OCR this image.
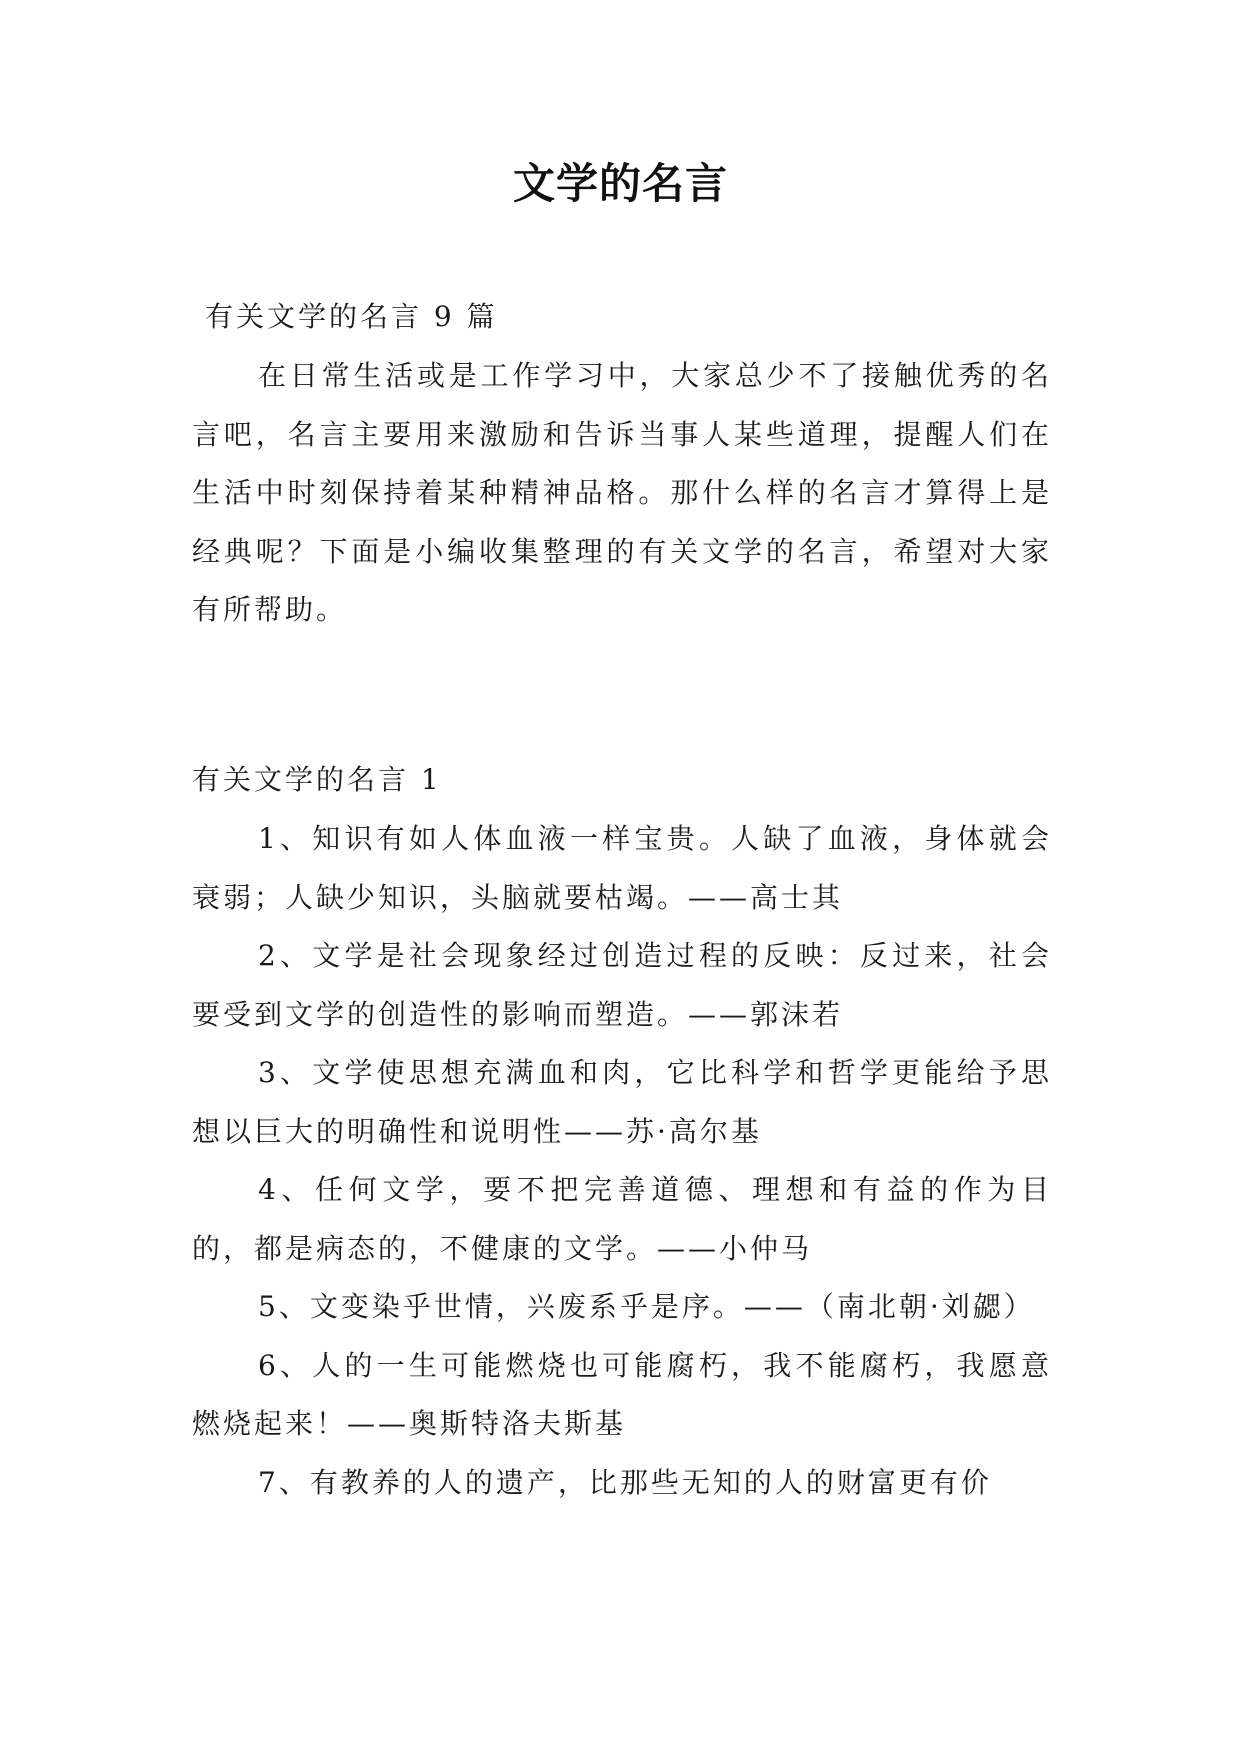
文学的名言

有关文学的名言 9 篇

在日常生活或是工作学习中，大家总少不了接触优秀的名言吧，名言主要用来激励和告诉当事人某些道理，提醒人们在生活中时刻保持着某种精神品格。那什么样的名言才算得上是经典呢？下面是小编收集整理的有关文学的名言，希望对大家有所帮助。

有关文学的名言 1

1、知识有如人体血液一样宝贵。人缺了血液，身体就会衰弱；人缺少知识，头脑就要枯竭。——高士其
2、文学是社会现象经过创造过程的反映：反过来，社会要受到文学的创造性的影响而塑造。——郭沫若
3、文学使思想充满血和肉，它比科学和哲学更能给予思想以巨大的明确性和说明性——苏·高尔基
4、任何文学，要不把完善道德、理想和有益的作为目的，都是病态的，不健康的文学。——小仲马
5、文变染乎世情，兴废系乎是序。——（南北朝·刘勰）
6、人的一生可能燃烧也可能腐朽，我不能腐朽，我愿意燃烧起来！——奥斯特洛夫斯基
7、有教养的人的遗产，比那些无知的人的财富更有价
